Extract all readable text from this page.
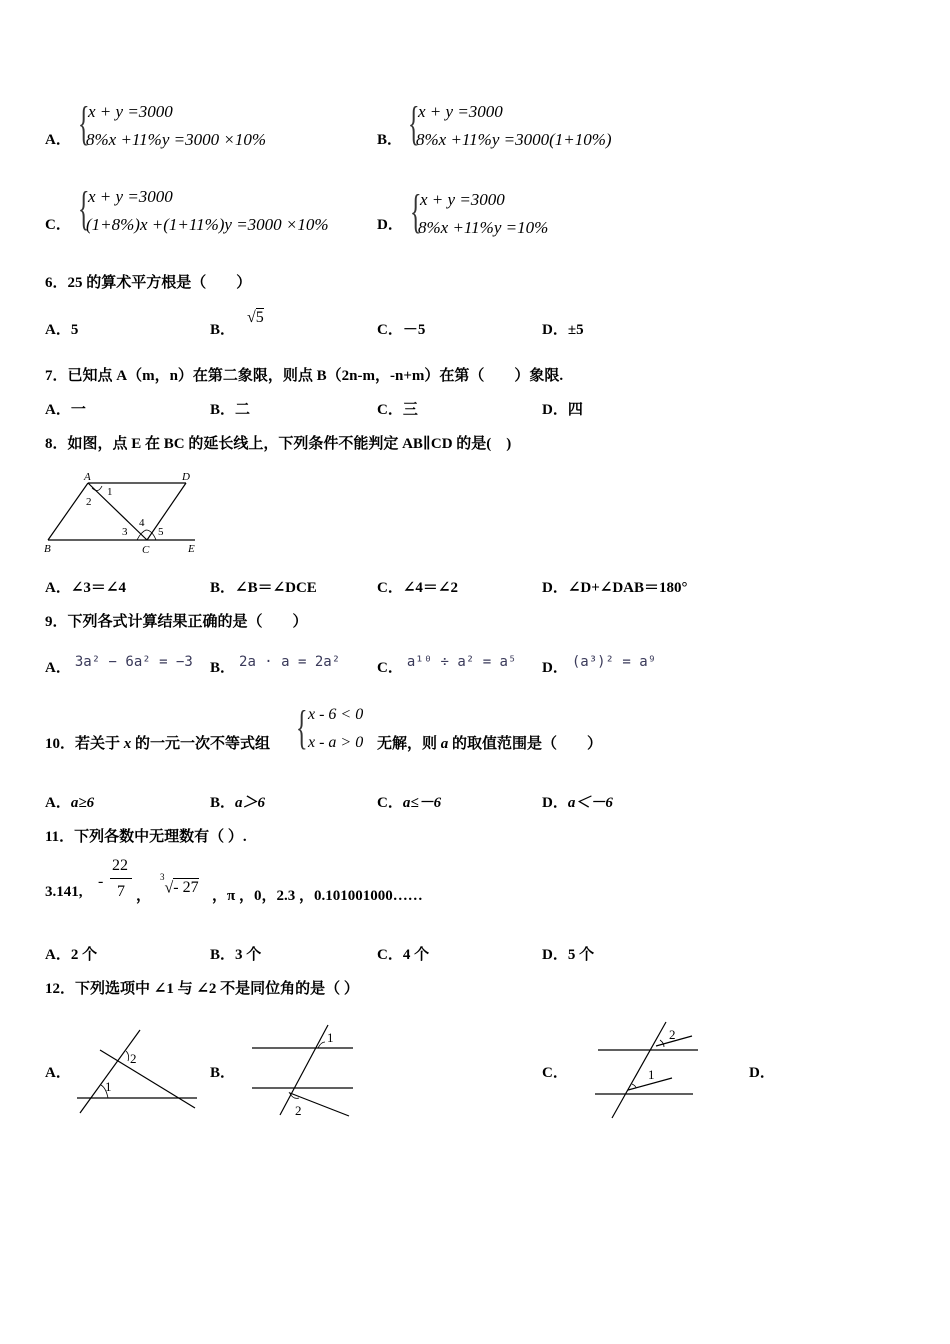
A． {
x + y =3000
8%x +11%y =3000 ×10%	B． {
x + y =3000
8%x +11%y =3000(1+10%)
C． {
x + y =3000
(1+8%)x +(1+11%)y =3000 ×10%	D． {
x + y =3000
8%x +11%y =10%
6．25 的算术平方根是（　　）
A．5	B． √5
C．－5	D．±5
7．已知点 A（m，n）在第二象限，则点 B（2n-m，-n+m）在第（　　）象限.
A．一	B．二	C．三	D．四
8．如图，点 E 在 BC 的延长线上，下列条件不能判定 AB∥CD 的是(　)
A	D
B	C	E
1
2
3
4
5
A．∠3＝∠4	B．∠B＝∠DCE	C．∠4＝∠2	D．∠D+∠DAB＝180°
9．下列各式计算结果正确的是（　　）
A． 3a² − 6a² = −3 B． 2a · a = 2a² C． a¹⁰ ÷ a² = a⁵ D． (a³)² = a⁹
10．若关于 x 的一元一次不等式组 { x - 6 < 0
x - a > 0 无解，则 a 的取值范围是（　　）
A．a≥6	B．a＞6	C．a≤－6	D．a＜－6
11．下列各数中无理数有（ ）.
3.141,
-
22
7 ，
$^3$√- 27 ，π ，0，2.3 ，0.101001000……
A．2 个	B．3 个	C．4 个	D．5 个
12．下列选项中 ∠1 与 ∠2 不是同位角的是（ ）
A．
1
2
B．
1
2
C．
2
1	D．
